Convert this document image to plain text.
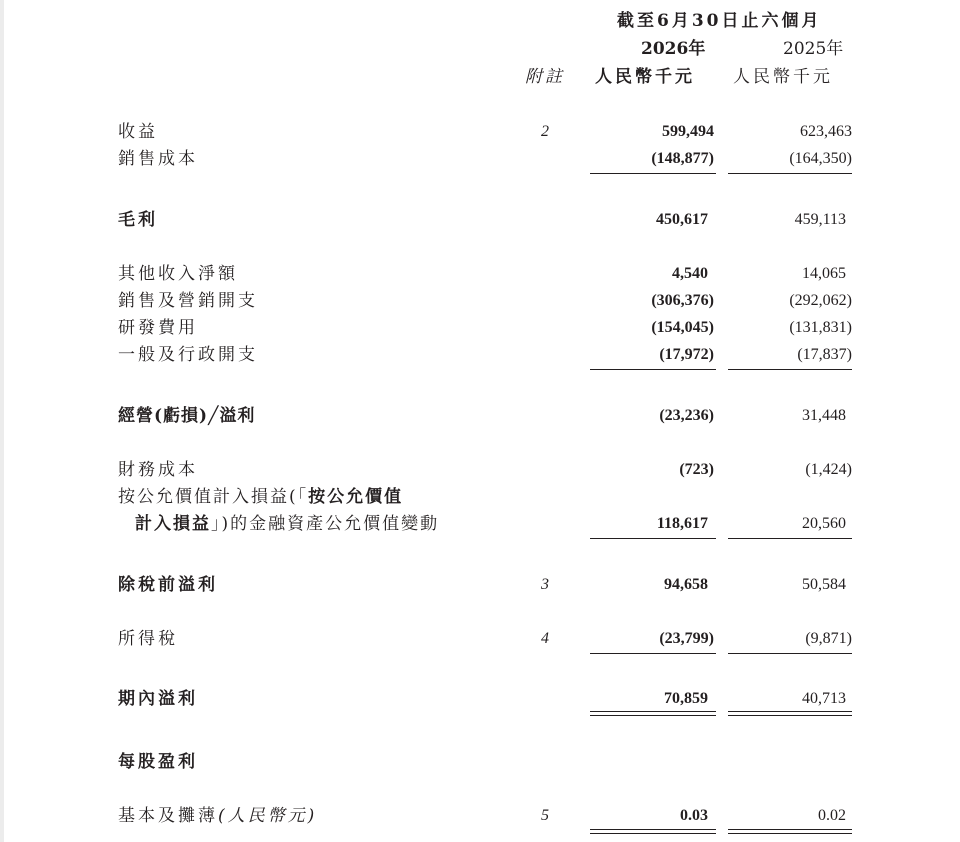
截至6月30日止六個月
2026年	2025年
附註 人民幣千元 人民幣千元
收益	2	599,494	623,463
銷售成本	(148,877)	(164,350)
毛利	450,617	459,113
其他收入淨額	4,540	14,065
銷售及營銷開支	(306,376)	(292,062)
研發費用	(154,045)	(131,831)
一般及行政開支	(17,972)	(17,837)
經營(虧損)╱溢利	(23,236)	31,448
財務成本	(723)	(1,424)
按公允價值計入損益(「按公允價值
計入損益」)的金融資產公允價值變動	118,617	20,560
除稅前溢利	3	94,658	50,584
所得稅	4	(23,799)	(9,871)
期內溢利	70,859	40,713
每股盈利
基本及攤薄(人民幣元)	5	0.03	0.02
